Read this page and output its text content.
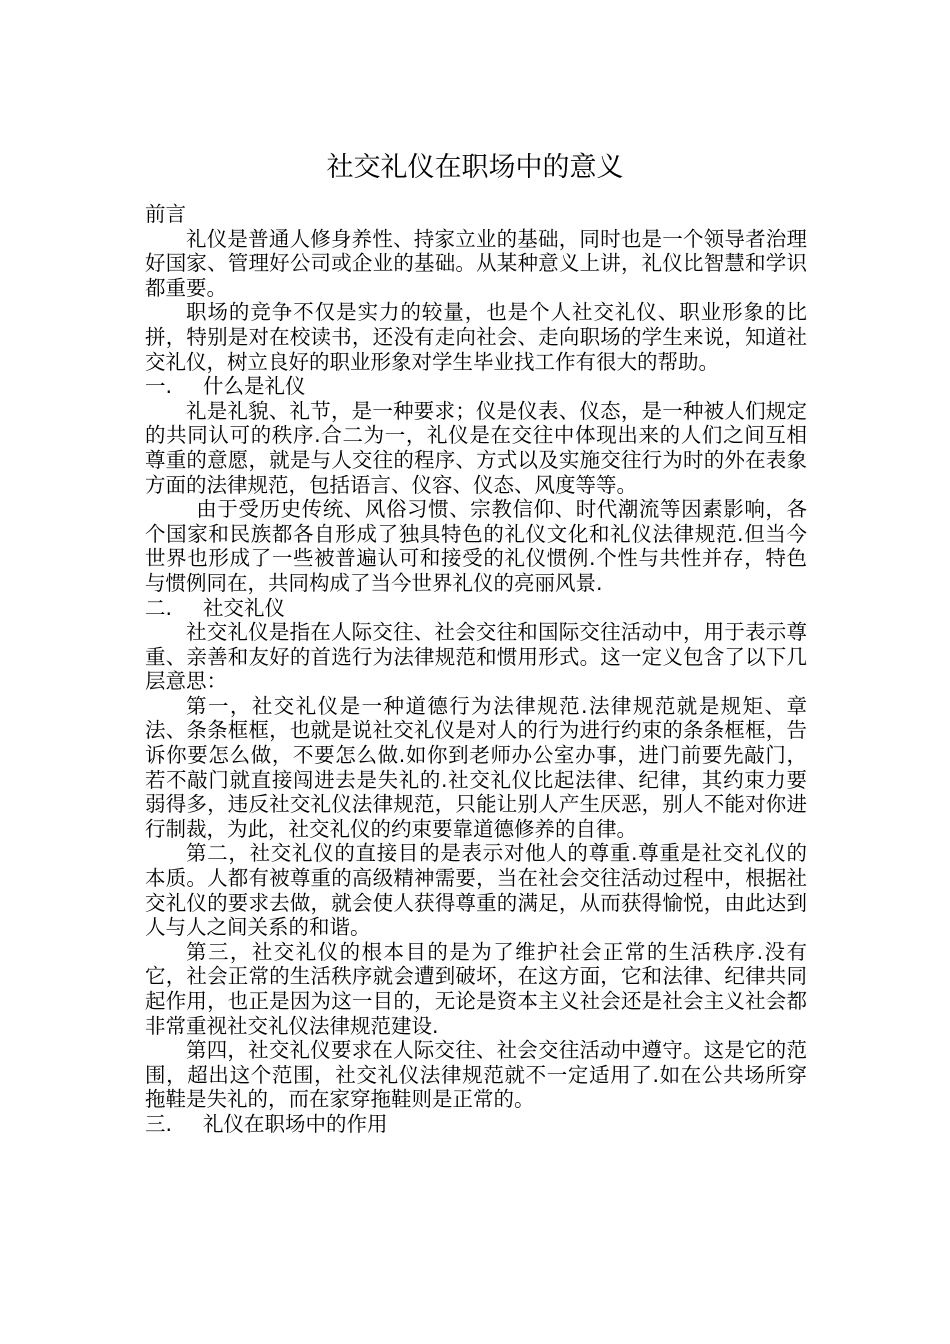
社交礼仪在职场中的意义
前言

礼仪是普通人修身养性、持家立业的基础，同时也是一个领导者治理好国家、管理好公司或企业的基础。从某种意义上讲，礼仪比智慧和学识都重要。

职场的竞争不仅是实力的较量，也是个人社交礼仪、职业形象的比拼，特别是对在校读书，还没有走向社会、走向职场的学生来说，知道社交礼仪，树立良好的职业形象对学生毕业找工作有很大的帮助。

一.	什么是礼仪

礼是礼貌、礼节，是一种要求；仪是仪表、仪态，是一种被人们规定的共同认可的秩序.合二为一，礼仪是在交往中体现出来的人们之间互相尊重的意愿，就是与人交往的程序、方式以及实施交往行为时的外在表象方面的法律规范，包括语言、仪容、仪态、风度等等。

由于受历史传统、风俗习惯、宗教信仰、时代潮流等因素影响，各个国家和民族都各自形成了独具特色的礼仪文化和礼仪法律规范.但当今世界也形成了一些被普遍认可和接受的礼仪惯例.个性与共性并存，特色与惯例同在，共同构成了当今世界礼仪的亮丽风景.

二.	社交礼仪

社交礼仪是指在人际交往、社会交往和国际交往活动中，用于表示尊重、亲善和友好的首选行为法律规范和惯用形式。这一定义包含了以下几层意思：

第一，社交礼仪是一种道德行为法律规范.法律规范就是规矩、章法、条条框框，也就是说社交礼仪是对人的行为进行约束的条条框框，告诉你要怎么做，不要怎么做.如你到老师办公室办事，进门前要先敲门，若不敲门就直接闯进去是失礼的.社交礼仪比起法律、纪律，其约束力要弱得多，违反社交礼仪法律规范，只能让别人产生厌恶，别人不能对你进行制裁，为此，社交礼仪的约束要靠道德修养的自律。

第二，社交礼仪的直接目的是表示对他人的尊重.尊重是社交礼仪的本质。人都有被尊重的高级精神需要，当在社会交往活动过程中，根据社交礼仪的要求去做，就会使人获得尊重的满足，从而获得愉悦，由此达到人与人之间关系的和谐。

第三，社交礼仪的根本目的是为了维护社会正常的生活秩序.没有它，社会正常的生活秩序就会遭到破坏，在这方面，它和法律、纪律共同起作用，也正是因为这一目的，无论是资本主义社会还是社会主义社会都非常重视社交礼仪法律规范建设.

第四，社交礼仪要求在人际交往、社会交往活动中遵守。这是它的范围，超出这个范围，社交礼仪法律规范就不一定适用了.如在公共场所穿拖鞋是失礼的，而在家穿拖鞋则是正常的。

三.	礼仪在职场中的作用
